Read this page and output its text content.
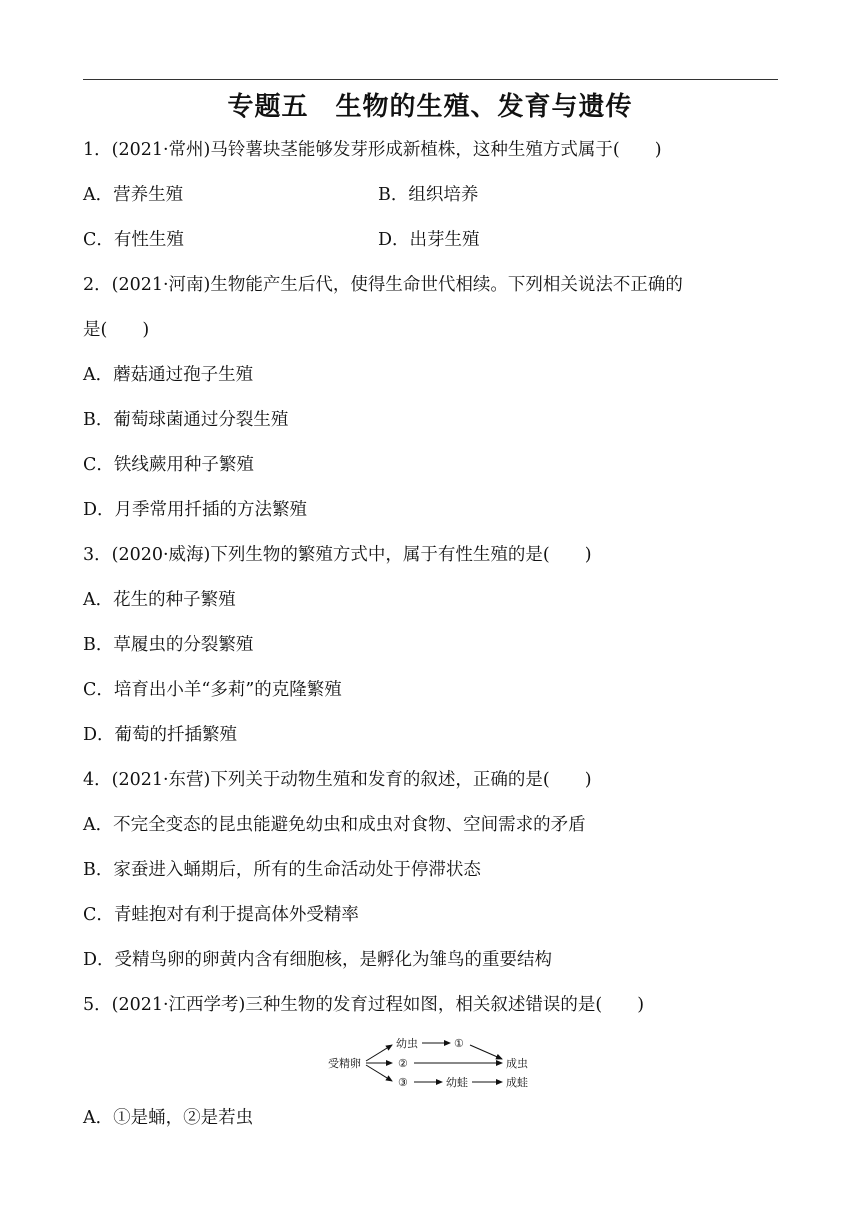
专题五　生物的生殖、发育与遗传
1．(2021·常州)马铃薯块茎能够发芽形成新植株，这种生殖方式属于(　　)
A．营养生殖	B．组织培养
C．有性生殖	D．出芽生殖
2．(2021·河南)生物能产生后代，使得生命世代相续。下列相关说法不正确的
是(　　)
A．蘑菇通过孢子生殖
B．葡萄球菌通过分裂生殖
C．铁线蕨用种子繁殖
D．月季常用扦插的方法繁殖
3．(2020·威海)下列生物的繁殖方式中，属于有性生殖的是(　　)
A．花生的种子繁殖
B．草履虫的分裂繁殖
C．培育出小羊“多莉”的克隆繁殖
D．葡萄的扦插繁殖
4．(2021·东营)下列关于动物生殖和发育的叙述，正确的是(　　)
A．不完全变态的昆虫能避免幼虫和成虫对食物、空间需求的矛盾
B．家蚕进入蛹期后，所有的生命活动处于停滞状态
C．青蛙抱对有利于提高体外受精率
D．受精鸟卵的卵黄内含有细胞核，是孵化为雏鸟的重要结构
5．(2021·江西学考)三种生物的发育过程如图，相关叙述错误的是(　　)
受精卵
幼虫	①
②	成虫
③	幼蛙	成蛙
A．①是蛹，②是若虫
